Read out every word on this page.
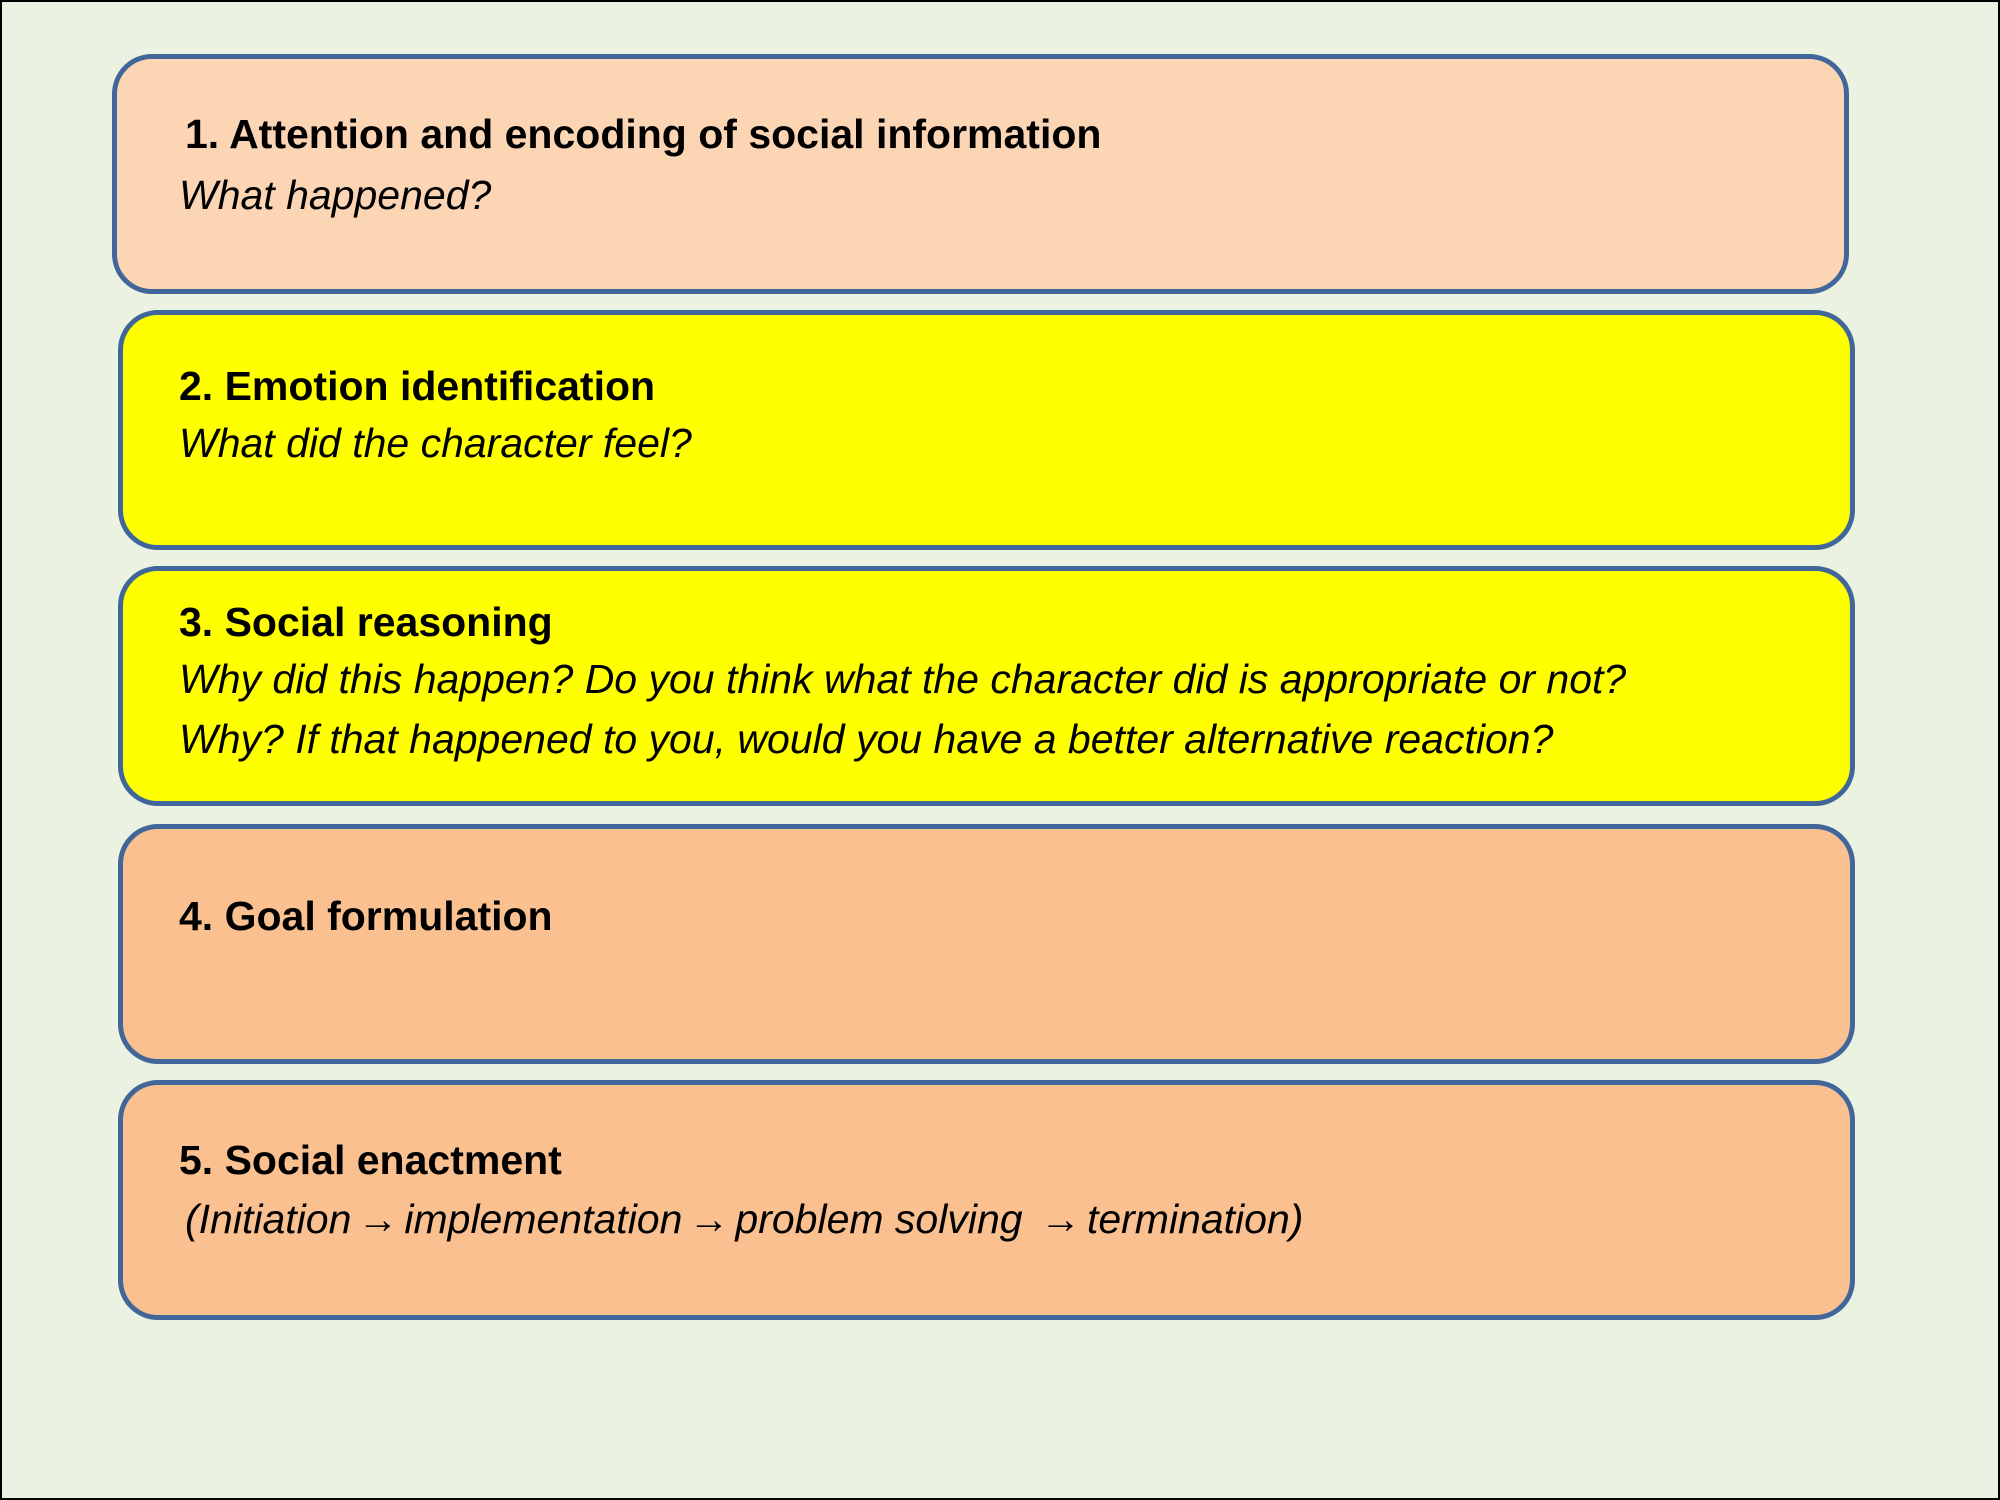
1. Attention and encoding of social information

What happened?

2. Emotion identification

What did the character feel?

3. Social reasoning

Why did this happen? Do you think what the character did is appropriate or not?
Why? If that happened to you, would you have a better alternative reaction?

4. Goal formulation

5. Social enactment

(Initiation → implementation → problem solving → termination)
